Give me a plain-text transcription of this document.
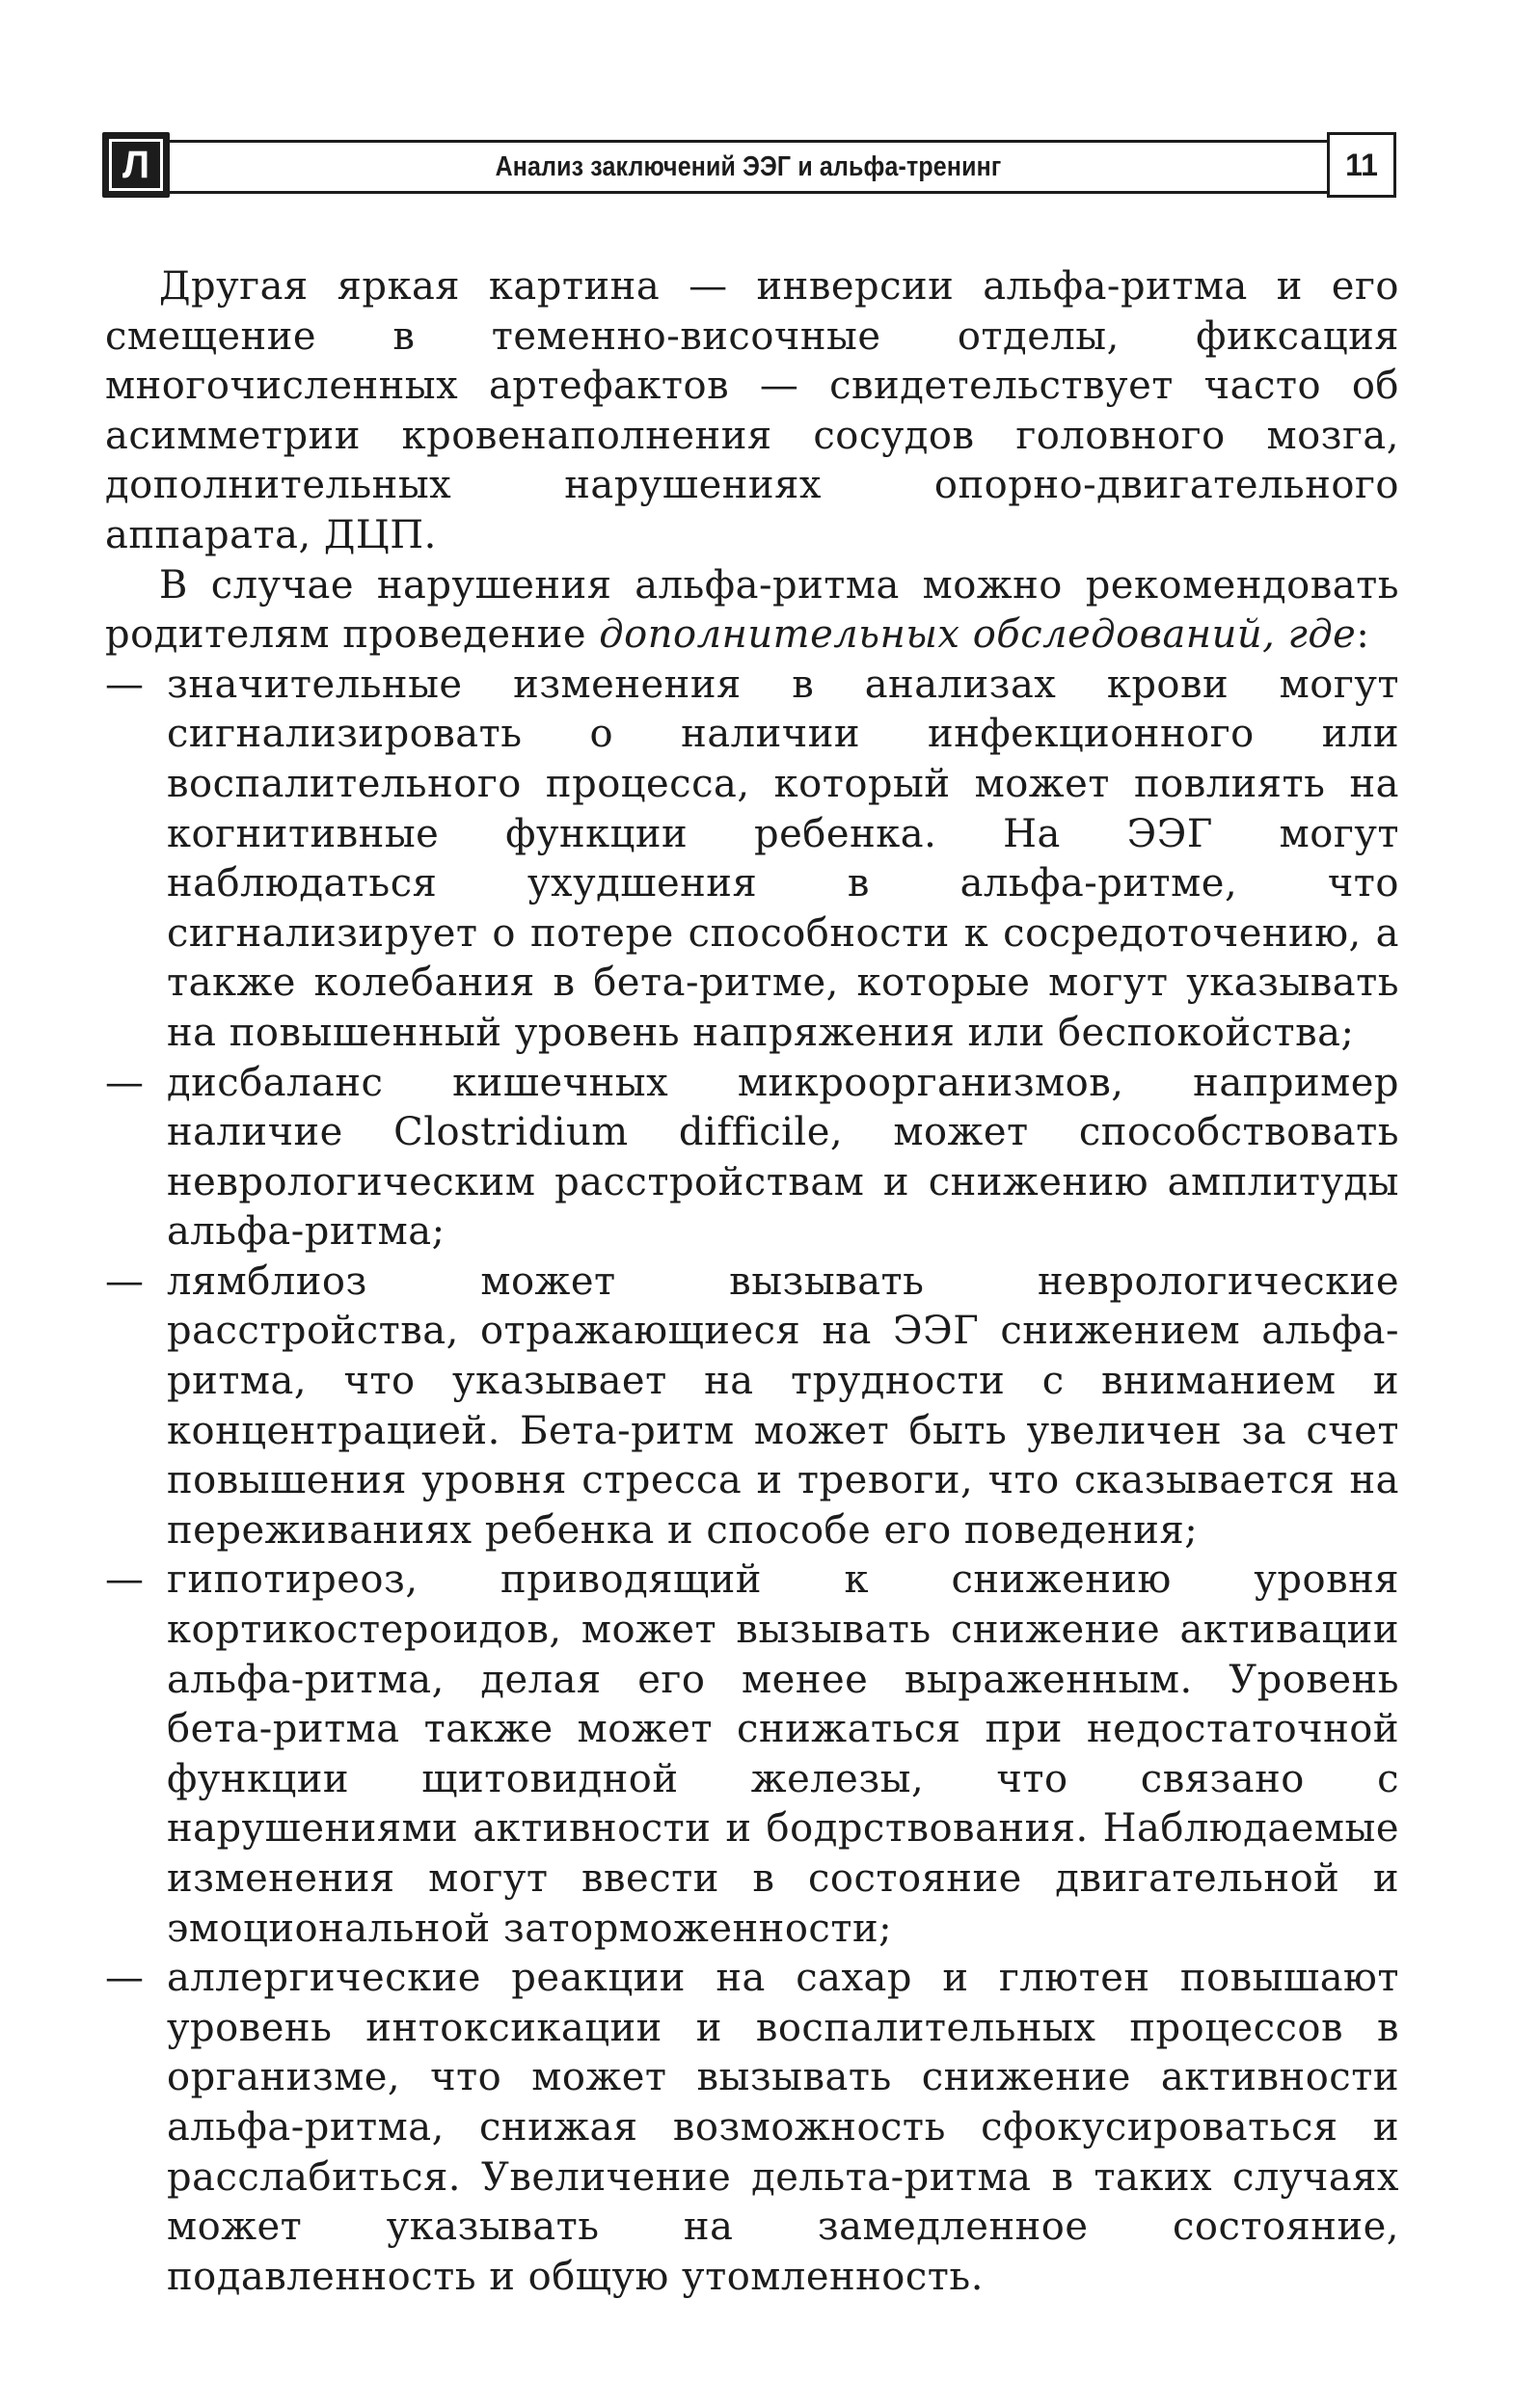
Л	Анализ заключений ЭЭГ и альфа-тренинг	11

Другая яркая картина — инверсии альфа-ритма и его смещение в теменно-височные отделы, фиксация многочисленных артефактов — свидетельствует часто об асимметрии кровенаполнения сосудов головного мозга, дополнительных нарушениях опорно-двигательного аппарата, ДЦП.

В случае нарушения альфа-ритма можно рекомендовать родителям проведение дополнительных обследований, где:

— значительные изменения в анализах крови могут сигнализировать о наличии инфекционного или воспалительного процесса, который может повлиять на когнитивные функции ребенка. На ЭЭГ могут наблюдаться ухудшения в альфа-ритме, что сигнализирует о потере способности к сосредоточению, а также колебания в бета-ритме, которые могут указывать на повышенный уровень напряжения или беспокойства;
— дисбаланс кишечных микроорганизмов, например наличие Clostridium difficile, может способствовать неврологическим расстройствам и снижению амплитуды альфа-ритма;
— лямблиоз может вызывать неврологические расстройства, отражающиеся на ЭЭГ снижением альфа-ритма, что указывает на трудности с вниманием и концентрацией. Бета-ритм может быть увеличен за счет повышения уровня стресса и тревоги, что сказывается на переживаниях ребенка и способе его поведения;
— гипотиреоз, приводящий к снижению уровня кортикостероидов, может вызывать снижение активации альфа-ритма, делая его менее выраженным. Уровень бета-ритма также может снижаться при недостаточной функции щитовидной железы, что связано с нарушениями активности и бодрствования. Наблюдаемые изменения могут ввести в состояние двигательной и эмоциональной заторможенности;
— аллергические реакции на сахар и глютен повышают уровень интоксикации и воспалительных процессов в организме, что может вызывать снижение активности альфа-ритма, снижая возможность сфокусироваться и расслабиться. Увеличение дельта-ритма в таких случаях может указывать на замедленное состояние, подавленность и общую утомленность.
